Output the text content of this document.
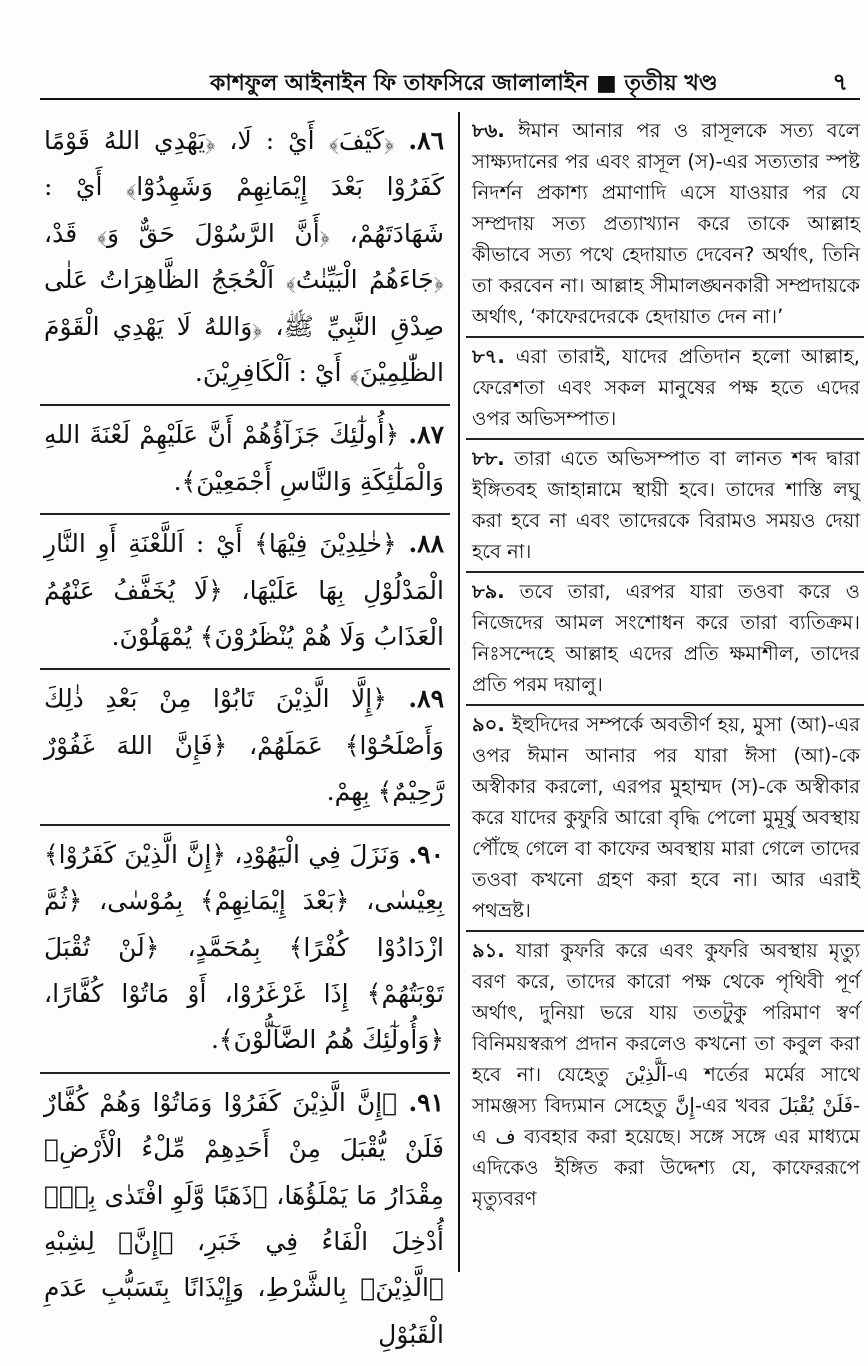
কাশফুল আইনাইন ফি তাফসিরে জালালাইন ■ তৃতীয় খণ্ড	৭
٨٦. ﴿كَيْفَ﴾ أَيْ : لَا، ﴿يَهْدِي اللهُ قَوْمًا كَفَرُوْا بَعْدَ إِيْمَانِهِمْ وَشَهِدُوْٓا﴾ أَيْ : شَهَادَتَهُمْ، ﴿أَنَّ الرَّسُوْلَ حَقٌّ وَ﴾ قَدْ، ﴿جَاءَهُمُ الْبَيِّنٰتُ﴾ اَلْحُجَجُ الظَّاهِرَاتُ عَلٰى صِدْقِ النَّبِيِّ ﷺ، ﴿وَاللهُ لَا يَهْدِي الْقَوْمَ الظّٰلِمِيْنَ﴾ أَيْ : اَلْكَافِرِيْنَ.
٨٧. ﴿أُولٰٓئِكَ جَزَآؤُهُمْ أَنَّ عَلَيْهِمْ لَعْنَةَ اللهِ وَالْمَلٰٓئِكَةِ وَالنَّاسِ أَجْمَعِيْنَ﴾.
٨٨. ﴿خٰلِدِيْنَ فِيْهَا﴾ أَيْ : اَللَّعْنَةِ أَوِ النَّارِ الْمَدْلُوْلِ بِهَا عَلَيْهَا، ﴿لَا يُخَفَّفُ عَنْهُمُ الْعَذَابُ وَلَا هُمْ يُنْظَرُوْنَ﴾ يُمْهَلُوْنَ.
٨٩. ﴿إِلَّا الَّذِيْنَ تَابُوْا مِنْ بَعْدِ ذٰلِكَ وَأَصْلَحُوْا﴾ عَمَلَهُمْ، ﴿فَإِنَّ اللهَ غَفُوْرٌ رَّحِيْمٌ﴾ بِهِمْ.
٩٠. وَنَزَلَ فِي الْيَهُوْدِ، ﴿إِنَّ الَّذِيْنَ كَفَرُوْا﴾ بِعِيْسٰى، ﴿بَعْدَ إِيْمَانِهِمْ﴾ بِمُوْسٰى، ﴿ثُمَّ ازْدَادُوْا كُفْرًا﴾ بِمُحَمَّدٍ، ﴿لَنْ تُقْبَلَ تَوْبَتُهُمْ﴾ إِذَا غَرْغَرُوْا، أَوْ مَاتُوْا كُفَّارًا، ﴿وَأُولٰٓئِكَ هُمُ الضَّآلُّوْنَ﴾.
٩١. ﴿إِنَّ الَّذِيْنَ كَفَرُوْا وَمَاتُوْا وَهُمْ كُفَّارٌ فَلَنْ يُّقْبَلَ مِنْ أَحَدِهِمْ مِّلْءُ الْأَرْضِ﴾ مِقْدَارُ مَا يَمْلَؤُهَا، ﴿ذَهَبًا وَّلَوِ افْتَدٰى بِهٖ﴾ أُدْخِلَ الْفَاءُ فِي خَبَرِ، ﴿إِنَّ﴾ لِشِبْهِ ﴿الَّذِيْنَ﴾ بِالشَّرْطِ، وَإِيْذَانًا بِتَسَبُّبِ عَدَمِ الْقَبُوْلِ
৮৬. ঈমান আনার পর ও রাসূলকে সত্য বলে সাক্ষ্যদানের পর এবং রাসূল (স)-এর সত্যতার স্পষ্ট নিদর্শন প্রকাশ্য প্রমাণাদি এসে যাওয়ার পর যে সম্প্রদায় সত্য প্রত্যাখ্যান করে তাকে আল্লাহ কীভাবে সত্য পথে হেদায়াত দেবেন? অর্থাৎ, তিনি তা করবেন না। আল্লাহ সীমালঙ্ঘনকারী সম্প্রদায়কে অর্থাৎ, ‘কাফেরদেরকে হেদায়াত দেন না।’
৮৭. এরা তারাই, যাদের প্রতিদান হলো আল্লাহ, ফেরেশতা এবং সকল মানুষের পক্ষ হতে এদের ওপর অভিসম্পাত।
৮৮. তারা এতে অভিসম্পাত বা লানত শব্দ দ্বারা ইঙ্গিতবহ জাহান্নামে স্থায়ী হবে। তাদের শাস্তি লঘু করা হবে না এবং তাদেরকে বিরামও সময়ও দেয়া হবে না।
৮৯. তবে তারা, এরপর যারা তওবা করে ও নিজেদের আমল সংশোধন করে তারা ব্যতিক্রম। নিঃসন্দেহে আল্লাহ এদের প্রতি ক্ষমাশীল, তাদের প্রতি পরম দয়ালু।
৯০. ইহুদিদের সম্পর্কে অবতীর্ণ হয়, মুসা (আ)-এর ওপর ঈমান আনার পর যারা ঈসা (আ)-কে অস্বীকার করলো, এরপর মুহাম্মদ (স)-কে অস্বীকার করে যাদের কুফুরি আরো বৃদ্ধি পেলো মুমূর্ষু অবস্থায় পৌঁছে গেলে বা কাফের অবস্থায় মারা গেলে তাদের তওবা কখনো গ্রহণ করা হবে না। আর এরাই পথভ্রষ্ট।
৯১. যারা কুফরি করে এবং কুফরি অবস্থায় মৃত্যু বরণ করে, তাদের কারো পক্ষ থেকে পৃথিবী পূর্ণ অর্থাৎ, দুনিয়া ভরে যায় ততটুকু পরিমাণ স্বর্ণ বিনিময়স্বরূপ প্রদান করলেও কখনো তা কবুল করা হবে না। যেহেতু اَلَّذِيْنَ-এ শর্তের মর্মের সাথে সামঞ্জস্য বিদ্যমান সেহেতু إِنَّ-এর খবর فَلَنْ يُقْبَلَ-এ ف ব্যবহার করা হয়েছে। সঙ্গে সঙ্গে এর মাধ্যমে এদিকেও ইঙ্গিত করা উদ্দেশ্য যে, কাফেররূপে মৃত্যুবরণ
